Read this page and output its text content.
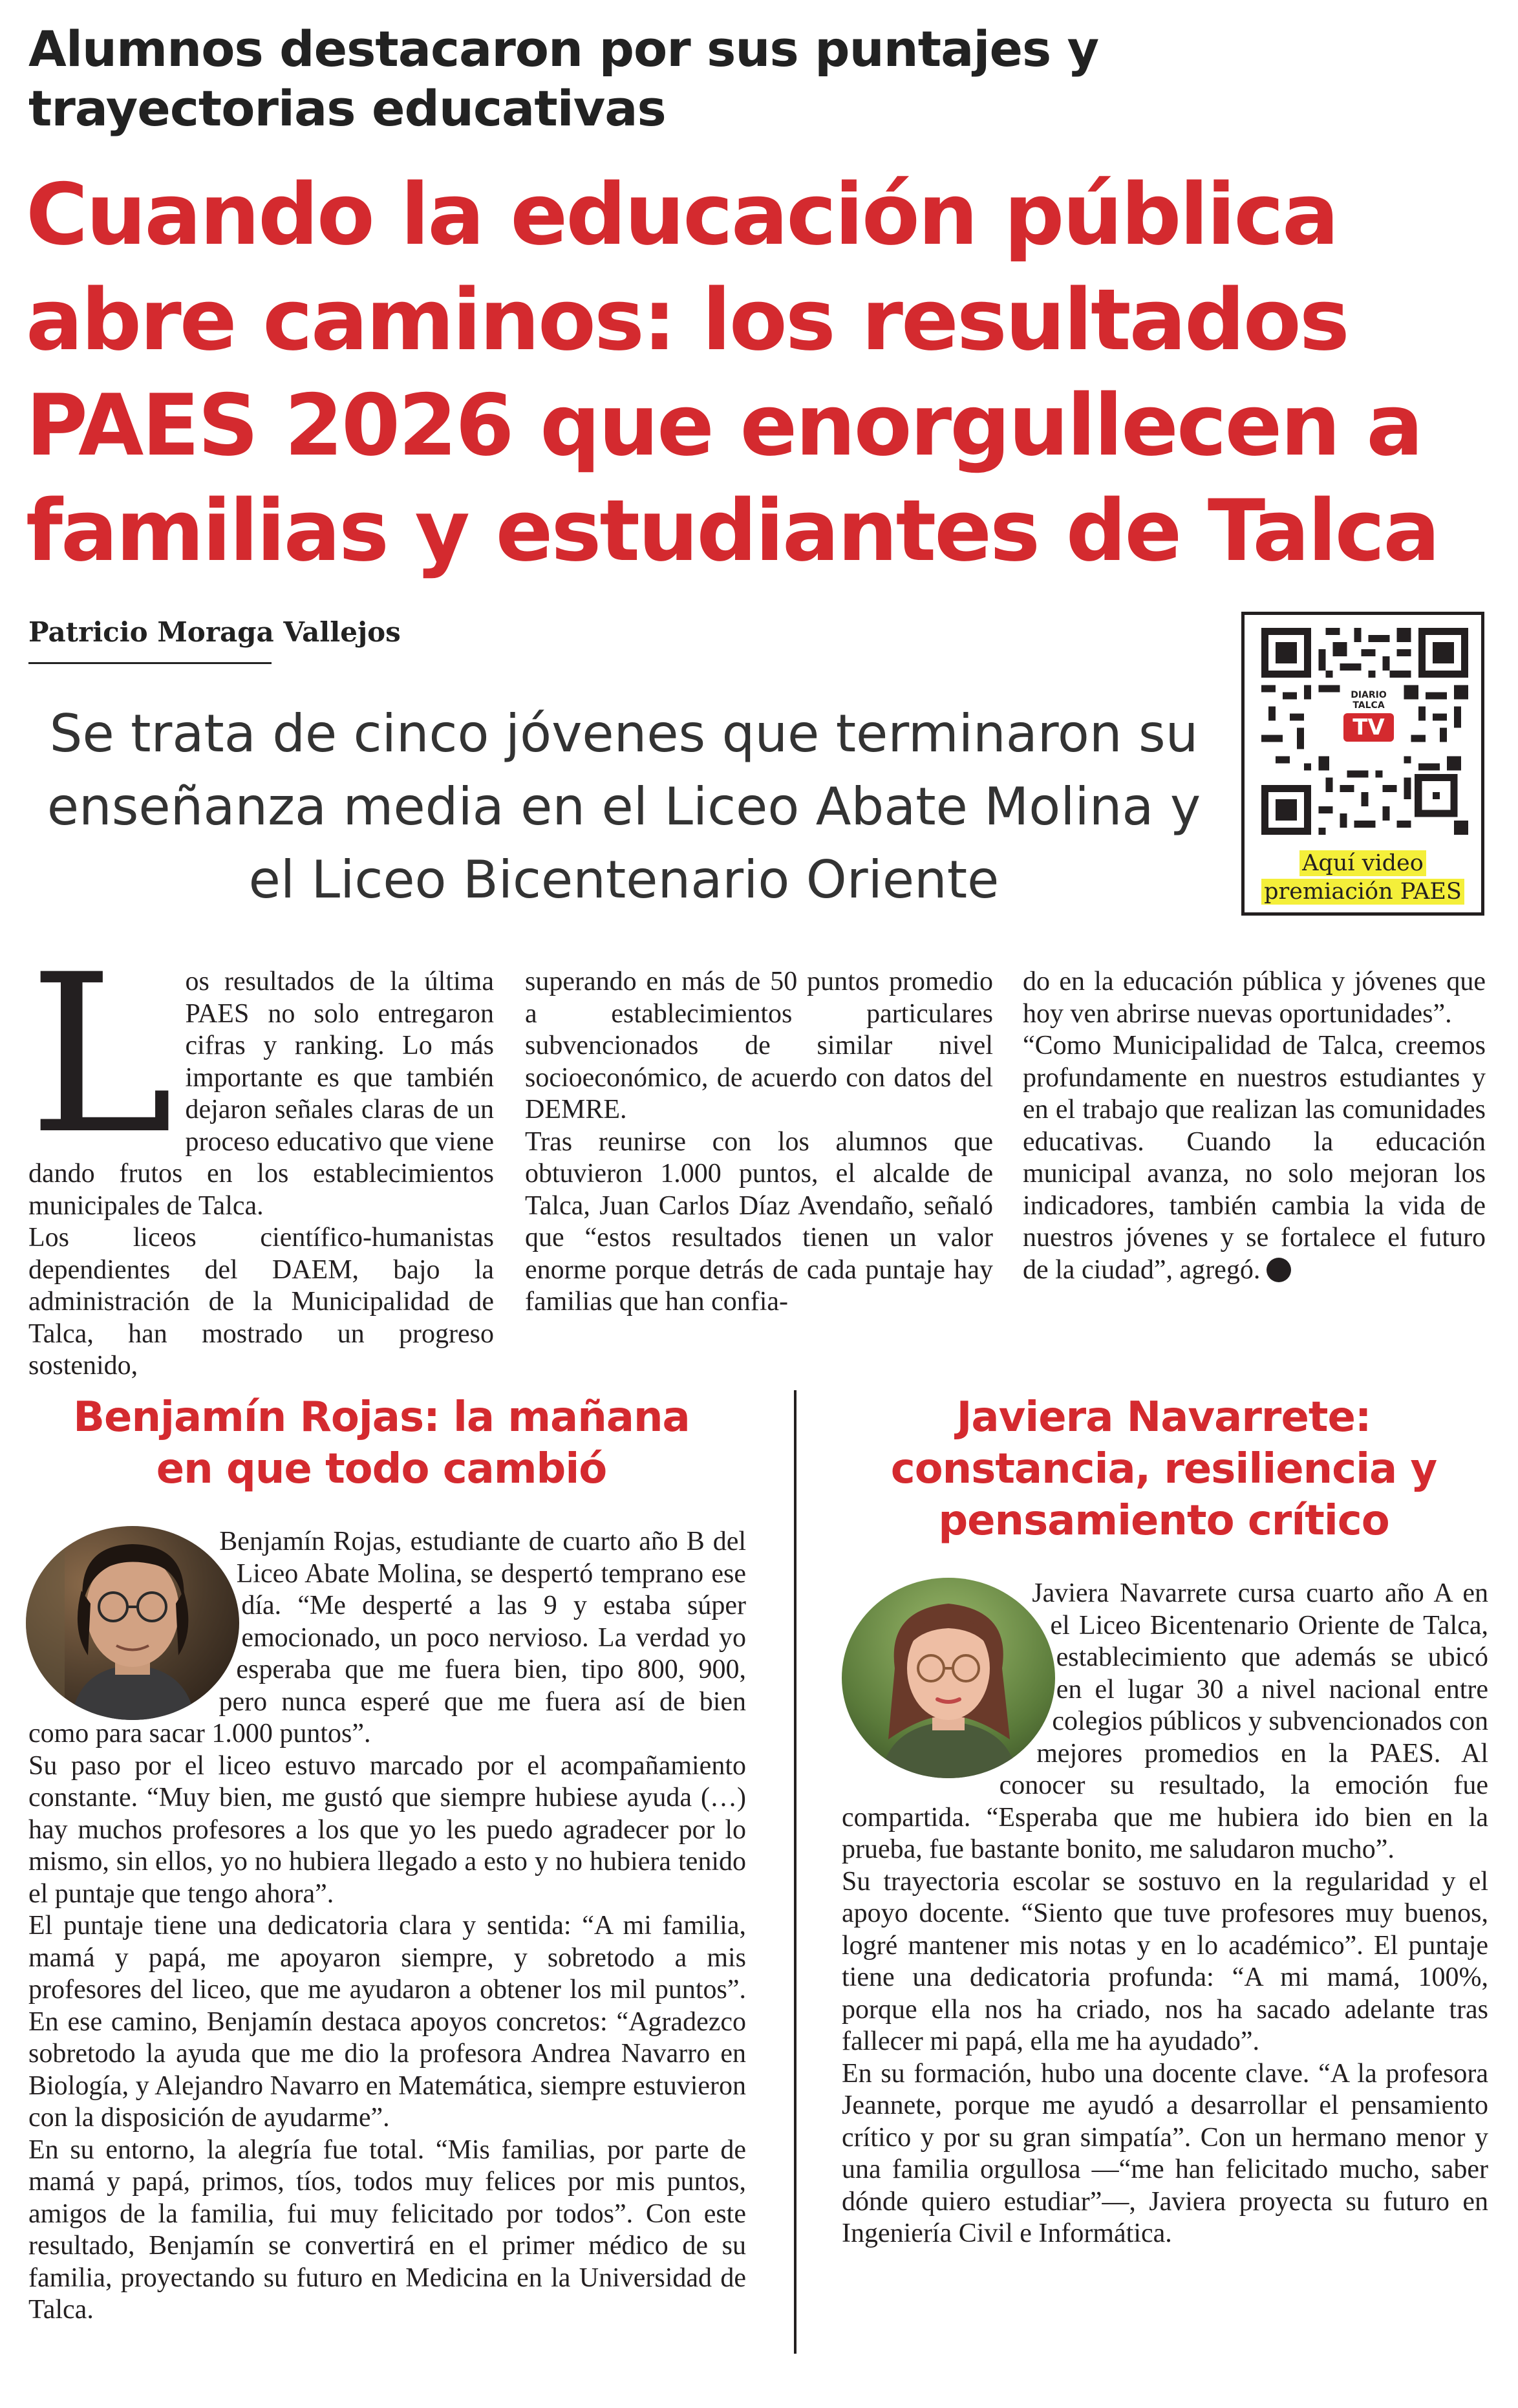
Alumnos destacaron por sus puntajes y trayectorias educativas
Cuando la educación pública abre caminos: los resultados PAES 2026 que enorgullecen a familias y estudiantes de Talca
Patricio Moraga Vallejos
Se trata de cinco jóvenes que terminaron su enseñanza media en el Liceo Abate Molina y el Liceo Bicentenario Oriente
DIARIO TALCA
TV
Aquí video
premiación PAES
L os resultados de la última PAES no solo entregaron cifras y ranking. Lo más importante es que también dejaron señales claras de un proceso educativo que viene dando frutos en los establecimientos municipales de Talca.

Los liceos científico-humanistas dependientes del DAEM, bajo la administración de la Municipalidad de Talca, han mostrado un progreso sostenido,

superando en más de 50 puntos promedio a establecimientos particulares subvencionados de similar nivel socioeconómico, de acuerdo con datos del DEMRE.

Tras reunirse con los alumnos que obtuvieron 1.000 puntos, el alcalde de Talca, Juan Carlos Díaz Avendaño, señaló que “estos resultados tienen un valor enorme porque detrás de cada puntaje hay familias que han confia-

do en la educación pública y jóvenes que hoy ven abrirse nuevas oportunidades”.

“Como Municipalidad de Talca, creemos profundamente en nuestros estudiantes y en el trabajo que realizan las comunidades educativas. Cuando la educación municipal avanza, no solo mejoran los indicadores, también cambia la vida de nuestros jóvenes y se fortalece el futuro de la ciudad”, agregó.

Benjamín Rojas: la mañana en que todo cambió

Benjamín Rojas, estudiante de cuarto año B del Liceo Abate Molina, se despertó temprano ese día. “Me desperté a las 9 y estaba súper emocionado, un poco nervioso. La verdad yo esperaba que me fuera bien, tipo 800, 900, pero nunca esperé que me fuera así de bien como para sacar 1.000 puntos”.

Su paso por el liceo estuvo marcado por el acompañamiento constante. “Muy bien, me gustó que siempre hubiese ayuda (…) hay muchos profesores a los que yo les puedo agradecer por lo mismo, sin ellos, yo no hubiera llegado a esto y no hubiera tenido el puntaje que tengo ahora”.

El puntaje tiene una dedicatoria clara y sentida: “A mi familia, mamá y papá, me apoyaron siempre, y sobretodo a mis profesores del liceo, que me ayudaron a obtener los mil puntos”. En ese camino, Benjamín destaca apoyos concretos: “Agradezco sobretodo la ayuda que me dio la profesora Andrea Navarro en Biología, y Alejandro Navarro en Matemática, siempre estuvieron con la disposición de ayudarme”.

En su entorno, la alegría fue total. “Mis familias, por parte de mamá y papá, primos, tíos, todos muy felices por mis puntos, amigos de la familia, fui muy felicitado por todos”. Con este resultado, Benjamín se convertirá en el primer médico de su familia, proyectando su futuro en Medicina en la Universidad de Talca.

Javiera Navarrete: constancia, resiliencia y pensamiento crítico

Javiera Navarrete cursa cuarto año A en el Liceo Bicentenario Oriente de Talca, establecimiento que además se ubicó en el lugar 30 a nivel nacional entre colegios públicos y subvencionados con mejores promedios en la PAES. Al conocer su resultado, la emoción fue compartida. “Esperaba que me hubiera ido bien en la prueba, fue bastante bonito, me saludaron mucho”.

Su trayectoria escolar se sostuvo en la regularidad y el apoyo docente. “Siento que tuve profesores muy buenos, logré mantener mis notas y en lo académico”. El puntaje tiene una dedicatoria profunda: “A mi mamá, 100%, porque ella nos ha criado, nos ha sacado adelante tras fallecer mi papá, ella me ha ayudado”.

En su formación, hubo una docente clave. “A la profesora Jeannete, porque me ayudó a desarrollar el pensamiento crítico y por su gran simpatía”. Con un hermano menor y una familia orgullosa —“me han felicitado mucho, saber dónde quiero estudiar”—, Javiera proyecta su futuro en Ingeniería Civil e Informática.
